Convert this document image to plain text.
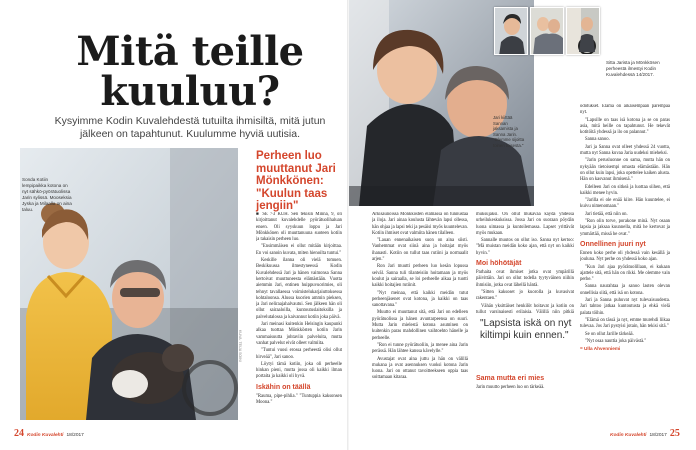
Mitä teille kuuluu?

Kysyimme Kodin Kuvalehdestä tutuilta ihmisiltä, mitä jutun jälkeen on tapahtunut. Kuulumme hyviä uutisia.

Sonda Kotiin lempipaikka kotona on nyt sähkö-pyörätuolissa Jarin sylissä. Mooseksia Jyska ja Milaalla on aina taluu.

KUVA: TEIJA SOINI

Perheen luo muuttanut Jari Mönkkönen: "Kuulun taas jengiin"

■ SE >3 KUH. Sen tekisin Minna, 9, oli kirjoittanut kuvalehdelle pyörätuolihaluan ensen. Oli syyskuun loppu ja Jari Mönkkönen oli muuttanuuna suoteen kotiin ja takaisin perheen luo.

"Ensimmäisen ei ollut mitään kirjoittaa. En voi sanoin kuvata, miten hienoilta tuntui."

Keskille ilanna oli vielä tomuen. Beskikuussa ilmestyneessä Kodin Kuvalehdessä Jari ja hänen vaimonsa Sanna kertoivat muuttuneesta elämästään. Vuotta aiemmin Jari, entinen huippuvuorimies, oli tehnyt tavallaessa voimistelukarjaiuttoksessa kohtaloonsa. Alussa kuorien ammin pieksen, ja Jari neliraajahalvautui. Sen jälkeen hän oli ollut sairaaloilla, kuntoutuslaitoksilla ja palvelutalossa ja kaivannut kotiin joka päivä.

Jari meinasi kuitenkin Helsingin kaupunki alkaa tuottaa Mönkkösten kotiin Jarin vammaisuutta johtaviin palveluita, mutta vanhat palvelut eivät olleet valmiita.

"Tuntui vuosi erossa perheestä olisi ollut hirveää", Jari sanoo.

Löytyi tämä kotiin, joka oli perheelle hinkan pieni, mutta jossa oli kaikki ilman portaita ja kaikki oli hyvä.

Iskähin on täällä

"Rauma, pipe-pihlia." "Tuntuppia kaksonsen Moona."

24 Kodin Kuvalehti 18/2017

Jari kiittää Sannan jaksamista ja Sanna Jarin. "Olemme sijoitta toinen toisesta."

Sitta Jarista ja Mönkkösen perheestä ilmestyi Kodin Kuvalehdessä 14/2017.

odotukset. Elämä on aikaisempaan parempaa nyt.

"Lapsille on taas isä kotona ja se on paras asia, mitä heille on tapahtunut. He tekevät kotitöitä yhdessä ja ilo on palannut."

Sanna sanoo.

Jari ja Sanna ovat olleet yhdessä 24 vuotta, mutta nyt Sanna kuvaa Jaria uudeksi mieheksi.

"Jarin perusluonne on sama, mutta hän on nykyään tietoisempi omasta elämästään. Hän on ollut kuin lapsi, joka opettelee kaiken alusta. Hän on kasvanut ihmisenä."

Edelleen Jari on sitkeä ja luottaa siihen, että kaikki menee hyvin.

"Jarilla ei ole enää kiire. Hän kuuntelee, ei kuivu nimenomaan."

Jari tietää, että niin on.

"Ron olin torve, porakone minä. Nyt osaan lapsia ja jaksaa kuunnella, mitä he kertovat ja ymmärtää, missä he ovat."

Onnellinen juuri nyt

Ennen koko perhe oli yhdessä vain kesällä ja jouluna. Nyt perhe on yhdessä koko ajan.

"Kun Jari ajaa pyörätuolillaan, ei kukaan ajattele sitä, että hän on rikki. Me olemme vain perhe."

Sanna naurahtaa ja sanoo lasten olevan onnellisia siitä, että isä on kotona.

Jari ja Sanna puhuvat nyt tulevaisuudesta. Jari tahtoo jatkaa kuntoutusta ja ehkä vielä palata töihin.

"Elämä on tässä ja nyt, emme murehdi liikaa tulevaa. Jos Jari pystyisi jotain, hän tekisi sitä."

Se on ollut Jarille tärkeää.

"Nyt osaa nauttia joka päivästä."

= Ulla Ahvenniemi

Arkisaunoissa Mönkkösten elämässä on tunnustaa ja iloja. Jari ainaa koulusta lähtevän lapsi ollessa, hän ohjaa ja lapsi teki ja pesäisi myös kuuntelevan. Kotiin ihmiset ovat valmiita hänen tilalleen.

"Lauan ennenaikaisen suon on aina siisti. Vanhemmat ovat siinä aina ja hoitajat myös ihanasti. Kotiin on tullut taas rutiini ja normaalit arjen."

Ron Jari muutti perheen luo kesän lopussa seiväl. Sanna tuli tilanteisiin hoitamaan ja myös koulut ja sairaalla, se loi perheelle aikaa ja tuotti kaikki hoitajien rutiinit.

"Nyt meinaa, että kaikki meidän tutut perheenjäsenet ovat kotona, ja kaikki on taas sanottavana."

Muutto ei muuttanut sitä, että Jari on edelleen pyörätuolissa ja hänen avuntarpeensa on suuri. Mutta Jarin mielestä kotona asuminen on kuitenkin paras mahdollinen vaihtoehto hänelle ja perheelle.

"Ron ei tunne pyörätuoliin, ja menee aina Jarin perässä. Hän lähtee kanssa kävelylle."

Avustajat ovat aina juttu ja hän on välillä mukana ja ovat asennuksen vuoksi kotona Jarin luona. Jari on ottanut tavoitteekseen oppia taas soittamaan kitaraa.

muksujaksi. On ollut mukavaa käydä yhdessä urheilukeskuksissa. Jossa Jari on suoraan pöydän luona uimassa ja kuntoilemassa. Lapset yrittävät myös mukaan.

Sannalle muutos on ollut iso. Sanna nyt kertoo: "Mä muistan meidän koko ajan, että nyt on kaikki hyvin."

Moi höhötäjät

Parhaita ovat ihmiset jotka ovat ympärillä päivittäin. Jari on ollut todella tyytyväinen niihin ihmisiin, jotka ovat lähellä häntä.

"Sitten kaksoset jo kuorolla ja kuvasivat rakentaen."

Vähän yksittäiset henkilöt hoitavat ja kotiin on tullut varsinaisesti erilaisia. Välillä niin pitkiä

"Lapsista iskä on nyt kiltimpi kuin ennen."

Sama mutta eri mies

Jarin muutto perheen luo on tärkeää.

Kodin Kuvalehti 18/2017 25
